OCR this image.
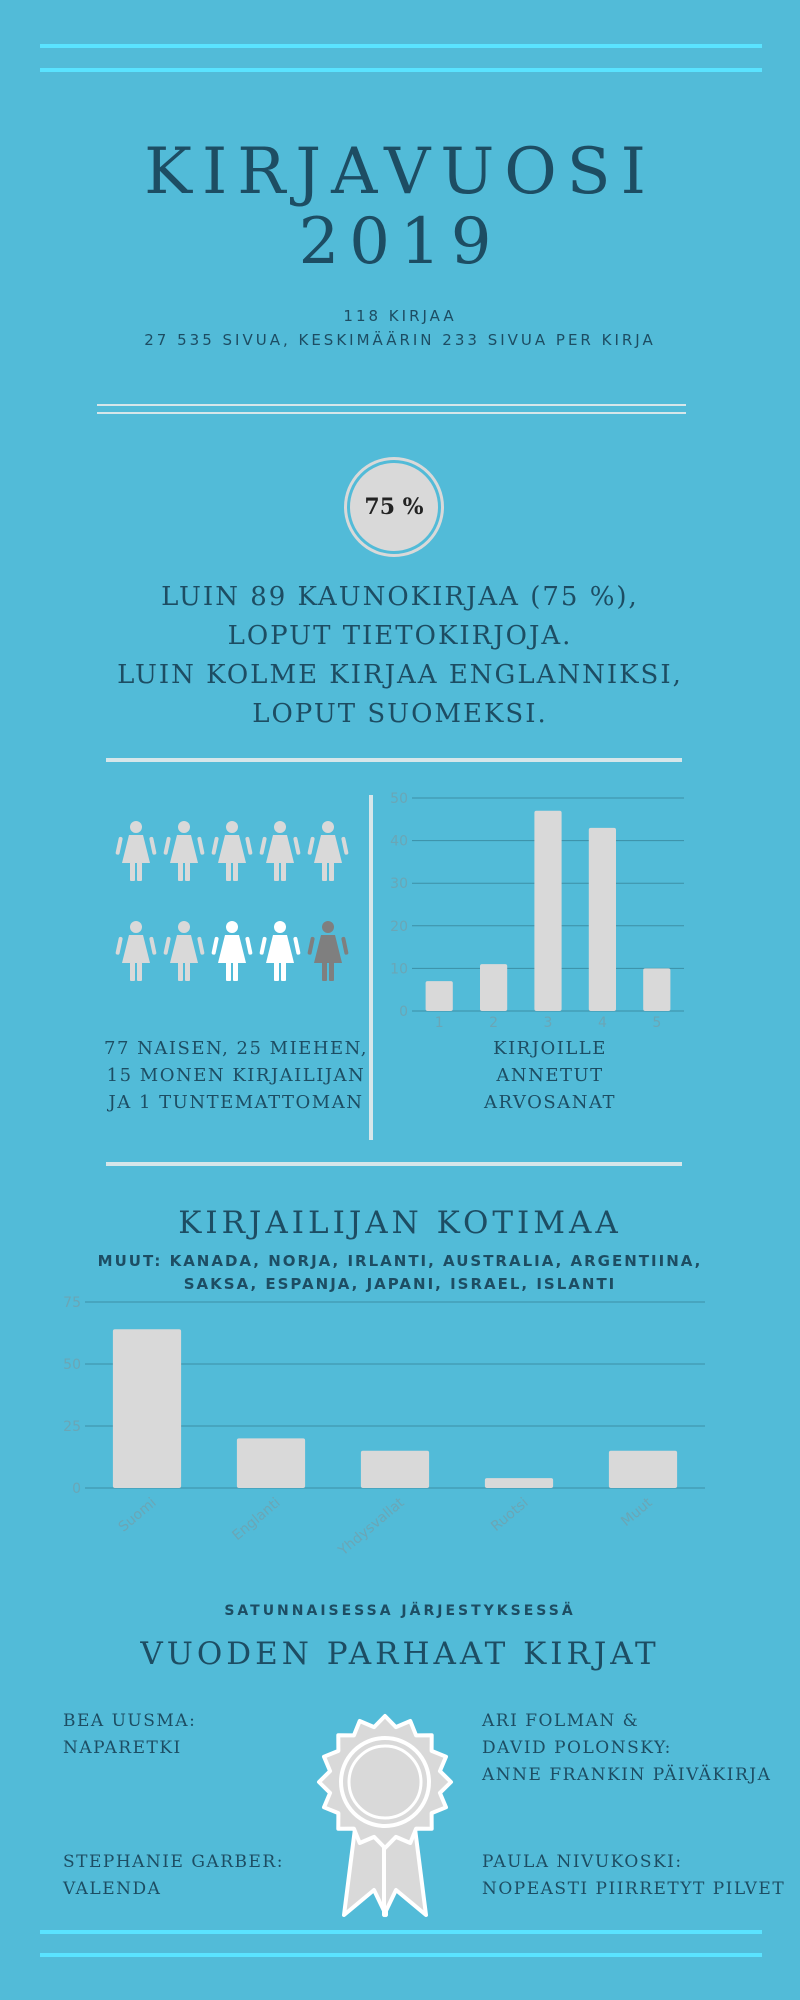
KIRJAVUOSI
2019
118 KIRJAA
27 535 SIVUA, KESKIMÄÄRIN 233 SIVUA PER KIRJA
75 %
LUIN 89 KAUNOKIRJAA (75 %),
LOPUT TIETOKIRJOJA.
LUIN KOLME KIRJAA ENGLANNIKSI,
LOPUT SUOMEKSI.
77 NAISEN, 25 MIEHEN,
15 MONEN KIRJAILIJAN
JA 1 TUNTEMATTOMAN
0
10
20
30
40
50
1	2	3	4	5
KIRJOILLE
ANNETUT
ARVOSANAT
KIRJAILIJAN KOTIMAA
MUUT: KANADA, NORJA, IRLANTI, AUSTRALIA, ARGENTIINA,
SAKSA, ESPANJA, JAPANI, ISRAEL, ISLANTI
0
25
50
75
Suomi	Englanti	Yhdysvallat	Ruotsi	Muut
SATUNNAISESSA JÄRJESTYKSESSÄ
VUODEN PARHAAT KIRJAT
BEA UUSMA:
NAPARETKI
ARI FOLMAN &
DAVID POLONSKY:
ANNE FRANKIN PÄIVÄKIRJA
STEPHANIE GARBER:
VALENDA
PAULA NIVUKOSKI:
NOPEASTI PIIRRETYT PILVET
